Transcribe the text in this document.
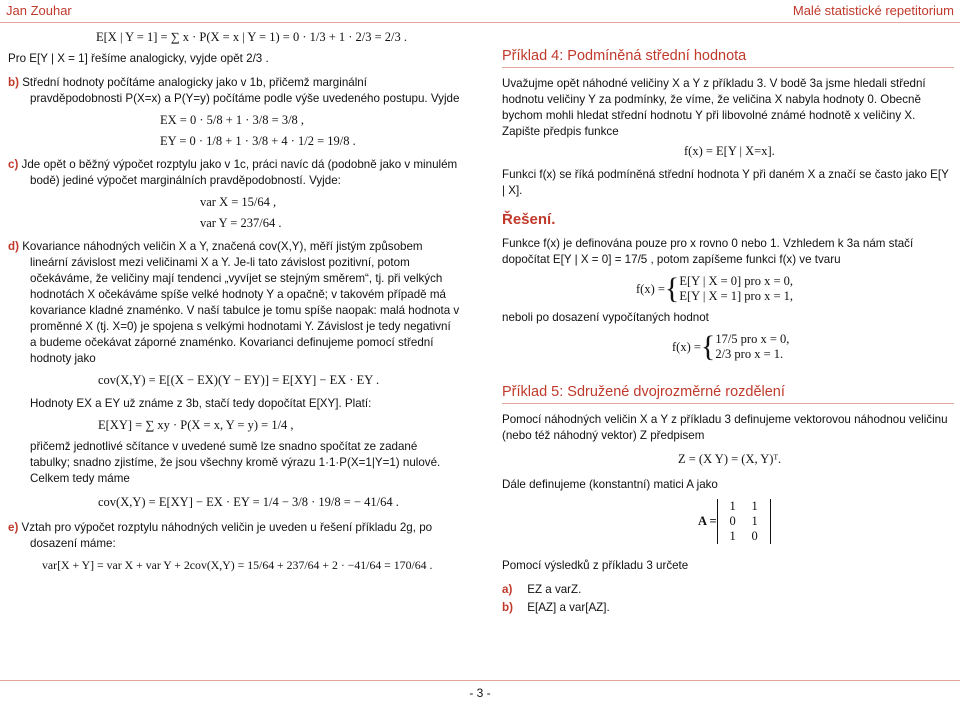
Jan Zouhar	Malé statistické repetitorium
E[X | Y = 1] = ∑ x · P(X = x | Y = 1) = 0 · 1/3 + 1 · 2/3 = 2/3 .

Pro E[Y | X = 1] řešíme analogicky, vyjde opět 2/3 .

b) Střední hodnoty počítáme analogicky jako v 1b, přičemž marginální pravděpodobnosti P(X=x) a P(Y=y) počítáme podle výše uvedeného postupu. Vyjde

EX = 0 · 5/8 + 1 · 3/8 = 3/8 ,
EY = 0 · 1/8 + 1 · 3/8 + 4 · 1/2 = 19/8 .

c) Jde opět o běžný výpočet rozptylu jako v 1c, práci navíc dá (podobně jako v minulém bodě) jediné výpočet marginálních pravděpodobností. Vyjde:

var X = 15/64 ,
var Y = 237/64 .

d) Kovariance náhodných veličin X a Y, značená cov(X,Y), měří jistým způsobem lineární závislost mezi veličinami X a Y. Je-li tato závislost pozitivní, potom očekáváme, že veličiny mají tendenci „vyvíjet se stejným směrem“, tj. při velkých hodnotách X očekáváme spíše velké hodnoty Y a opačně; v takovém případě má kovariance kladné znaménko. V naší tabulce je tomu spíše naopak: malá hodnota v proměnné X (tj. X=0) je spojena s velkými hodnotami Y. Závislost je tedy negativní a budeme očekávat záporné znaménko. Kovarianci definujeme pomocí střední hodnoty jako

cov(X,Y) = E[(X − EX)(Y − EY)] = E[XY] − EX · EY .

Hodnoty EX a EY už známe z 3b, stačí tedy dopočítat E[XY]. Platí:

E[XY] = ∑ xy · P(X = x, Y = y) = 1/4 ,

přičemž jednotlivé sčítance v uvedené sumě lze snadno spočítat ze zadané tabulky; snadno zjistíme, že jsou všechny kromě výrazu 1·1·P(X=1|Y=1) nulové. Celkem tedy máme

cov(X,Y) = E[XY] − EX · EY = 1/4 − 3/8 · 19/8 = − 41/64 .

e) Vztah pro výpočet rozptylu náhodných veličin je uveden u řešení příkladu 2g, po dosazení máme:

var[X + Y] = var X + var Y + 2cov(X,Y) = 15/64 + 237/64 + 2 · −41/64 = 170/64 .
Příklad 4: Podmíněná střední hodnota

Uvažujme opět náhodné veličiny X a Y z příkladu 3. V bodě 3a jsme hledali střední hodnotu veličiny Y za podmínky, že víme, že veličina X nabyla hodnoty 0. Obecně bychom mohli hledat střední hodnotu Y při libovolné známé hodnotě x veličiny X. Zapište předpis funkce

f(x) = E[Y | X=x].

Funkci f(x) se říká podmíněná střední hodnota Y při daném X a značí se často jako E[Y | X].

Řešení.

Funkce f(x) je definována pouze pro x rovno 0 nebo 1. Vzhledem k 3a nám stačí dopočítat E[Y | X = 0] = 17/5 , potom zapíšeme funkci f(x) ve tvaru

f(x) = { E[Y | X = 0] pro x = 0,
E[Y | X = 1] pro x = 1,

neboli po dosazení vypočítaných hodnot

f(x) = { 17/5 pro x = 0,
2/3 pro x = 1.
Příklad 5: Sdružené dvojrozměrné rozdělení

Pomocí náhodných veličin X a Y z příkladu 3 definujeme vektorovou náhodnou veličinu (nebo též náhodný vektor) Z předpisem

Z = (X Y) = (X, Y)ᵀ.

Dále definujeme (konstantní) matici A jako

A =
1 1
0 1
1 0

Pomocí výsledků z příkladu 3 určete

a) EZ a varZ.

b) E[AZ] a var[AZ].

- 3 -
